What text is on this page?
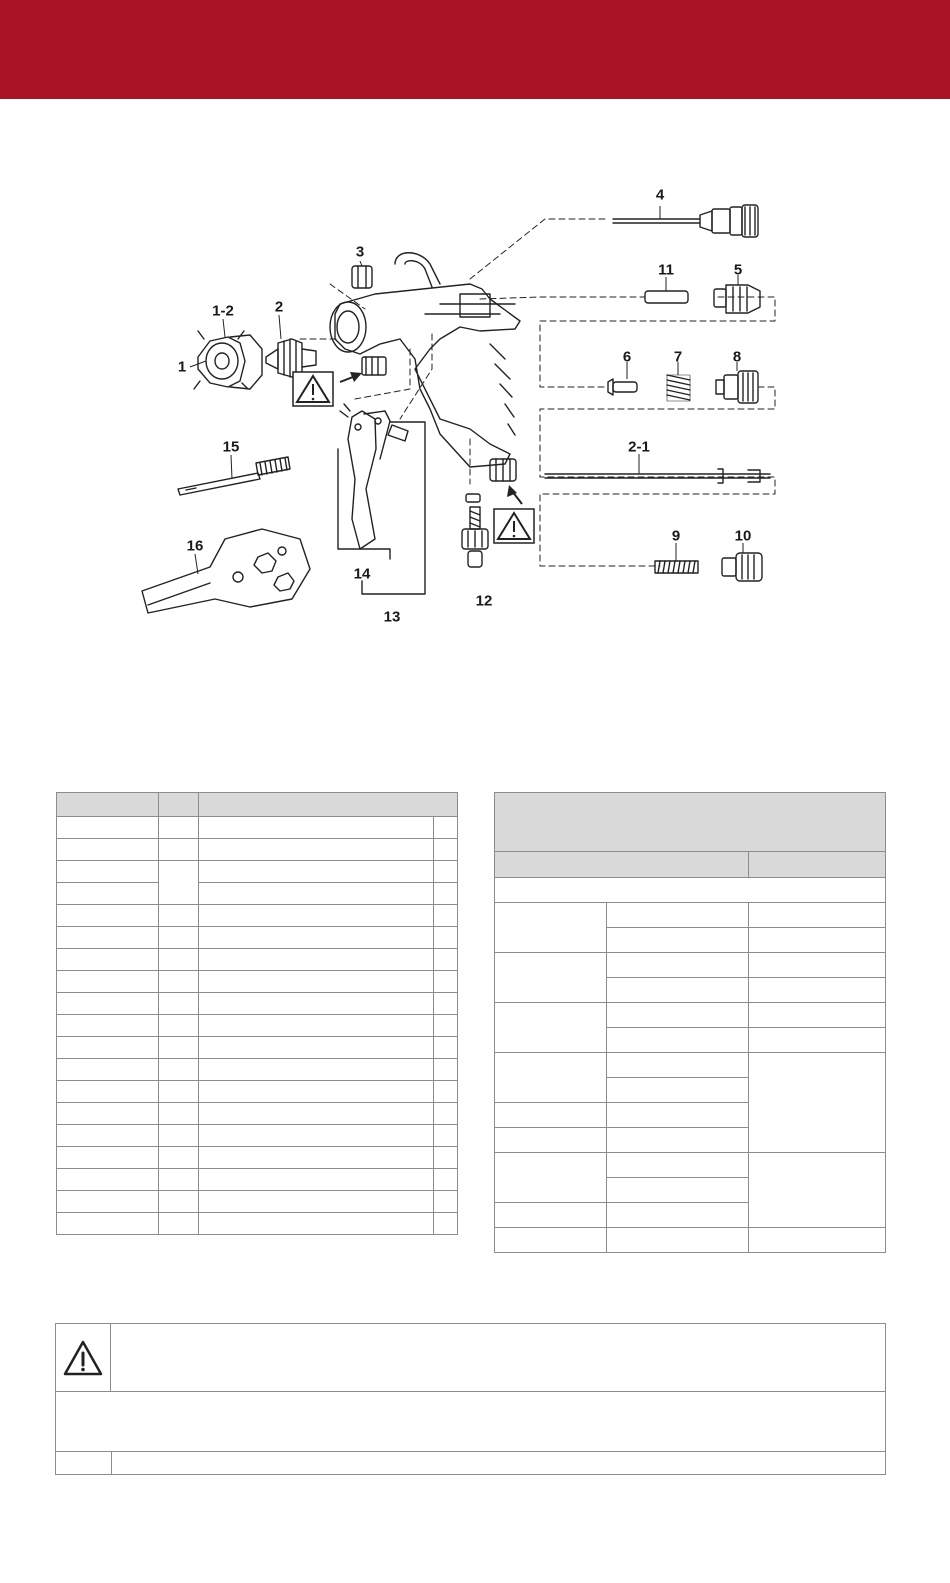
4
3
11	5
1-2	2
1
6	7	8
2-1
15
9	10
16
14
12
13
